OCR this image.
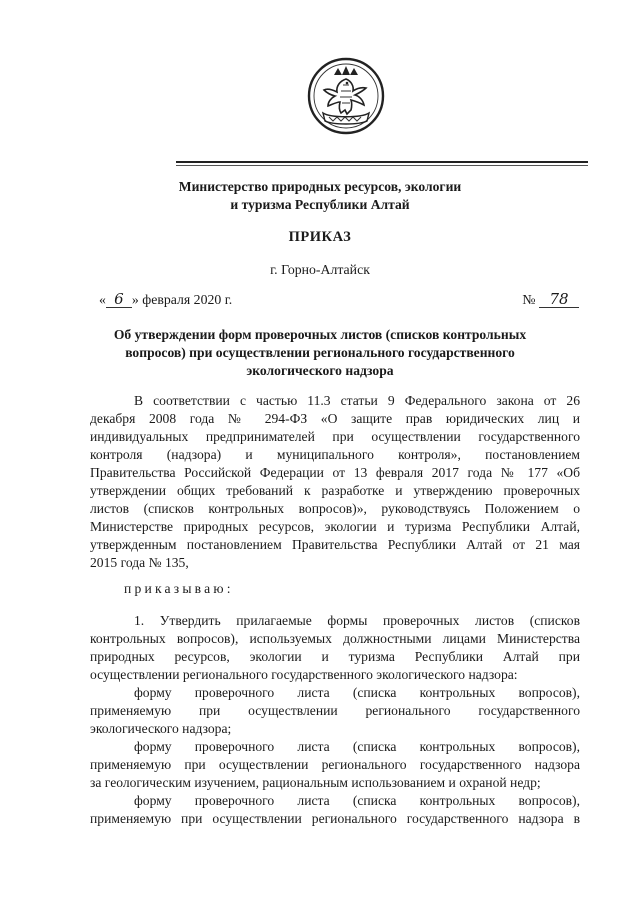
Министерство природных ресурсов, экологии
и туризма Республики Алтай
ПРИКАЗ
г. Горно-Алтайск
« 6 » февраля 2020 г.	№ 78
Об утверждении форм проверочных листов (списков контрольных
вопросов) при осуществлении регионального государственного
экологического надзора
В соответствии с частью 11.3 статьи 9 Федерального закона от 26
декабря 2008 года № 294-ФЗ «О защите прав юридических лиц и
индивидуальных предпринимателей при осуществлении государственного
контроля (надзора) и муниципального контроля», постановлением
Правительства Российской Федерации от 13 февраля 2017 года № 177 «Об
утверждении общих требований к разработке и утверждению проверочных
листов (списков контрольных вопросов)», руководствуясь Положением о
Министерстве природных ресурсов, экологии и туризма Республики Алтай,
утвержденным постановлением Правительства Республики Алтай от 21 мая
2015 года № 135,
приказываю:
1. Утвердить прилагаемые формы проверочных листов (списков
контрольных вопросов), используемых должностными лицами Министерства
природных ресурсов, экологии и туризма Республики Алтай при
осуществлении регионального государственного экологического надзора:
форму проверочного листа (списка контрольных вопросов),
применяемую при осуществлении регионального государственного
экологического надзора;
форму проверочного листа (списка контрольных вопросов),
применяемую при осуществлении регионального государственного надзора
за геологическим изучением, рациональным использованием и охраной недр;
форму проверочного листа (списка контрольных вопросов),
применяемую при осуществлении регионального государственного надзора в
